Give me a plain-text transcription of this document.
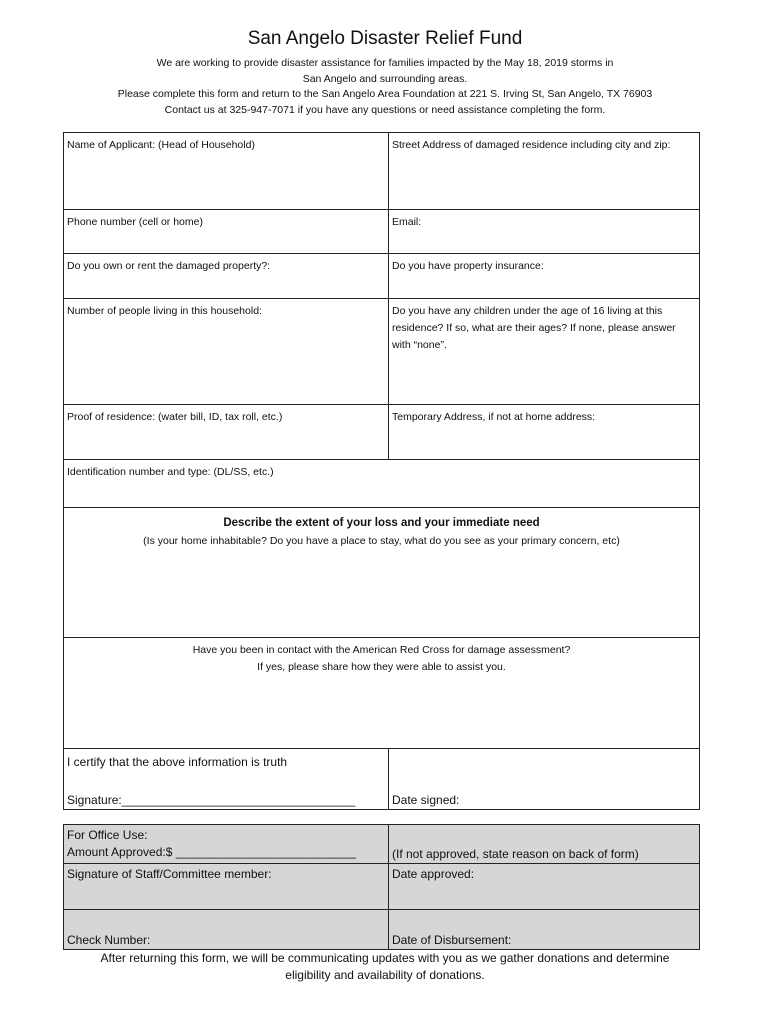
San Angelo Disaster Relief Fund
We are working to provide disaster assistance for families impacted by the May 18, 2019 storms in
San Angelo and surrounding areas.
Please complete this form and return to the San Angelo Area Foundation at 221 S. Irving St, San Angelo, TX 76903
Contact us at 325-947-7071 if you have any questions or need assistance completing the form.
Name of Applicant: (Head of Household)	Street Address of damaged residence including city and zip:

Phone number (cell or home)	Email:

Do you own or rent the damaged property?:	Do you have property insurance:

Number of people living in this household:	Do you have any children under the age of 16 living at this residence? If so, what are their ages? If none, please answer with “none”.

Proof of residence: (water bill, ID, tax roll, etc.)	Temporary Address, if not at home address:

Identification number and type: (DL/SS, etc.)	

Describe the extent of your loss and your immediate need
(Is your home inhabitable? Do you have a place to stay, what do you see as your primary concern, etc)	

Have you been in contact with the American Red Cross for damage assessment?
If yes, please share how they were able to assist you.	

I certify that the above information is truth
Signature:___________________________________	Date signed:
For Office Use:
Amount Approved:$ ___________________________	(If not approved, state reason on back of form)

Signature of Staff/Committee member:	Date approved:

Check Number:	Date of Disbursement:
After returning this form, we will be communicating updates with you as we gather donations and determine
eligibility and availability of donations.
